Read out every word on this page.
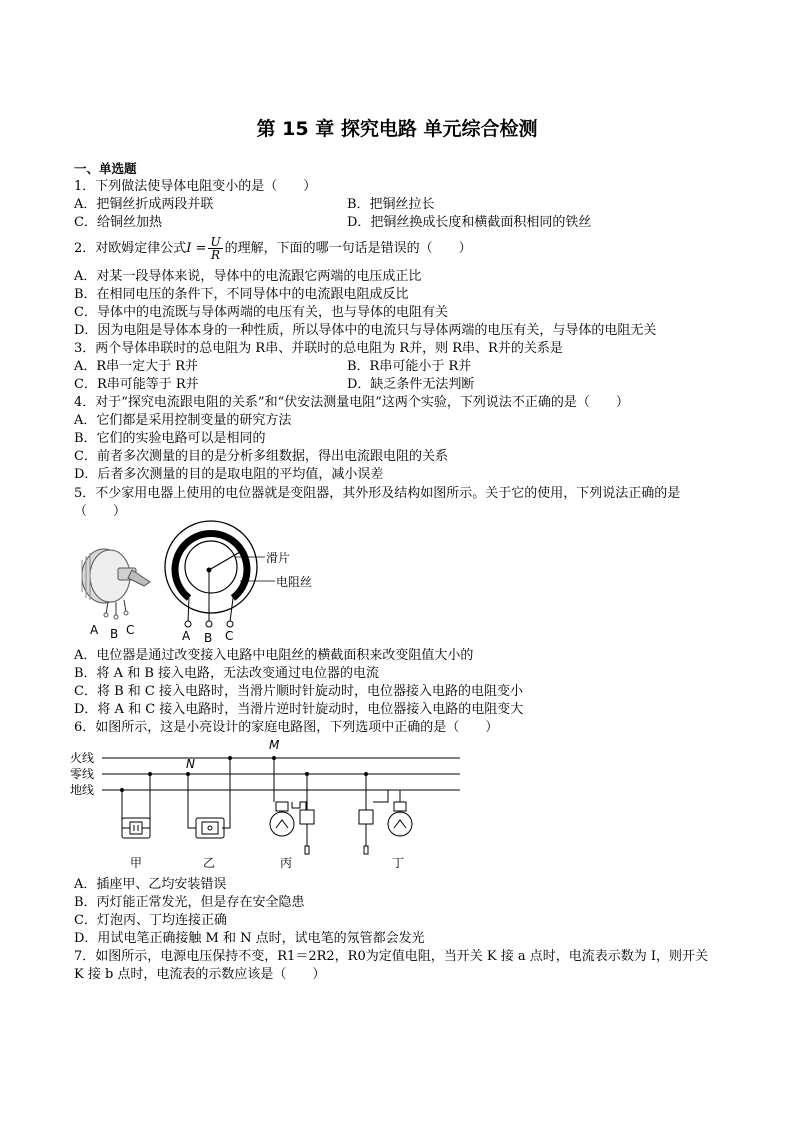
第 15 章 探究电路 单元综合检测
一、单选题
1．下列做法使导体电阻变小的是（　　）
A．把铜丝折成两段并联	B．把铜丝拉长
C．给铜丝加热	D．把铜丝换成长度和横截面积相同的铁丝
2．对欧姆定律公式$I = \frac{U}{R}$ 的理解，下面的哪一句话是错误的（　　）
A．对某一段导体来说，导体中的电流跟它两端的电压成正比
B．在相同电压的条件下，不同导体中的电流跟电阻成反比
C．导体中的电流既与导体两端的电压有关，也与导体的电阻有关
D．因为电阻是导体本身的一种性质，所以导体中的电流只与导体两端的电压有关，与导体的电阻无关
3．两个导体串联时的总电阻为 R串、并联时的总电阻为 R并，则 R串、R并的关系是
A．R串一定大于 R并	B．R串可能小于 R并
C．R串可能等于 R并	D．缺乏条件无法判断
4．对于“探究电流跟电阻的关系”和“伏安法测量电阻”这两个实验，下列说法不正确的是（　　）
A．它们都是采用控制变量的研究方法
B．它们的实验电路可以是相同的
C．前者多次测量的目的是分析多组数据，得出电流跟电阻的关系
D．后者多次测量的目的是取电阻的平均值，减小误差
5．不少家用电器上使用的电位器就是变阻器，其外形及结构如图所示。关于它的使用，下列说法正确的是
（　　）
A B C
滑片
电阻丝
A B C
A．电位器是通过改变接入电路中电阻丝的横截面积来改变阻值大小的
B．将 A 和 B 接入电路，无法改变通过电位器的电流
C．将 B 和 C 接入电路时，当滑片顺时针旋动时，电位器接入电路的电阻变小
D．将 A 和 C 接入电路时，当滑片逆时针旋动时，电位器接入电路的电阻变大
6．如图所示，这是小亮设计的家庭电路图，下列选项中正确的是（　　）
火线
零线
地线
M
N
甲	乙	丙	丁
A．插座甲、乙均安装错误
B．丙灯能正常发光，但是存在安全隐患
C．灯泡丙、丁均连接正确
D．用试电笔正确接触 M 和 N 点时，试电笔的氖管都会发光
7．如图所示，电源电压保持不变，R1＝2R2，R0为定值电阻，当开关 K 接 a 点时，电流表示数为 I，则开关
K 接 b 点时，电流表的示数应该是（　　）
